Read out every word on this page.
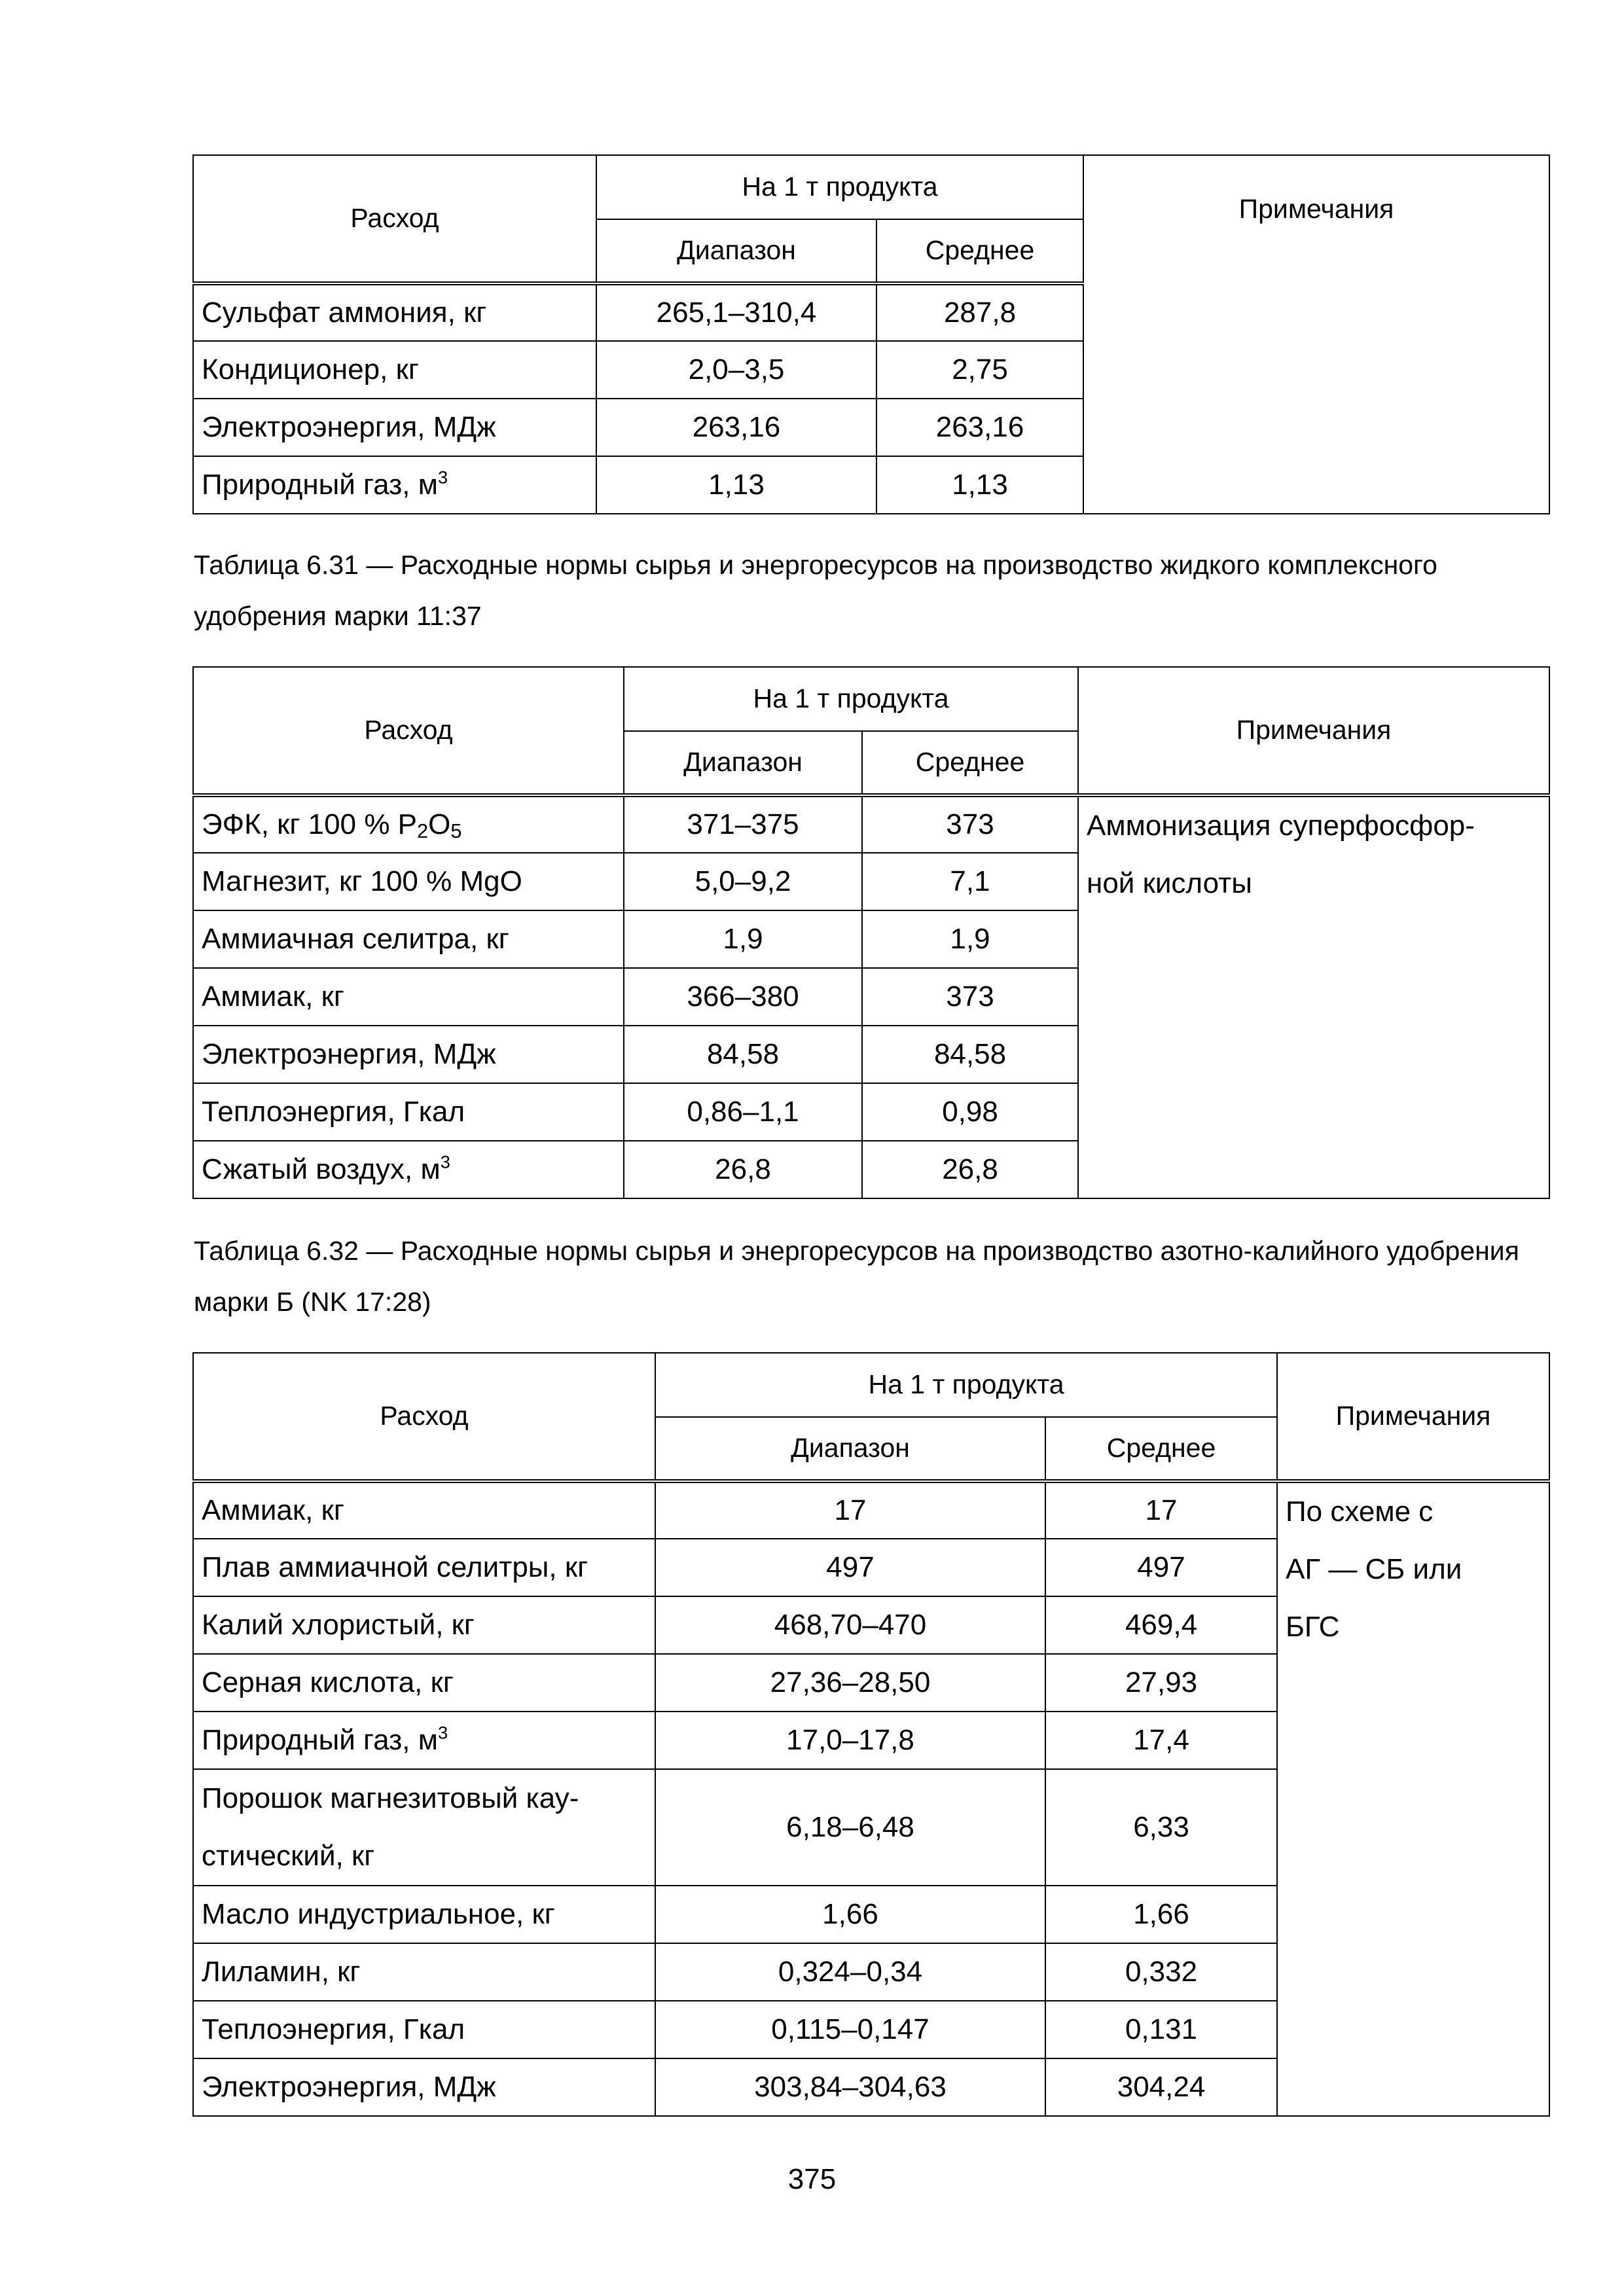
Расход	На 1 т продукта		Примечания
	Диапазон	Среднее	
Сульфат аммония, кг	265,1–310,4	287,8	
Кондиционер, кг	2,0–3,5	2,75	
Электроэнергия, МДж	263,16	263,16	
Природный газ, $м^3$	1,13	1,13	
Таблица 6.31 — Расходные нормы сырья и энергоресурсов на производство жидкого комплексного удобрения марки 11:37
Расход	На 1 т продукта		Примечания
	Диапазон	Среднее	
ЭФК, кг 100 % $P_2O_5$	371–375	373	Аммонизация суперфосфор-
ной кислоты

Магнезит, кг 100 % MgO	5,0–9,2	7,1	
Аммиачная селитра, кг	1,9	1,9	
Аммиак, кг	366–380	373	
Электроэнергия, МДж	84,58	84,58	
Теплоэнергия, Гкал	0,86–1,1	0,98	
Сжатый воздух, $м^3$	26,8	26,8	
Таблица 6.32 — Расходные нормы сырья и энергоресурсов на производство азотно-калийного удобрения марки Б (NK 17:28)
Расход	На 1 т продукта		Примечания
	Диапазон	Среднее	
Аммиак, кг	17	17	По схеме с
АГ — СБ или
БГС

Плав аммиачной селитры, кг	497	497	
Калий хлористый, кг	468,70–470	469,4	
Серная кислота, кг	27,36–28,50	27,93	
Природный газ, $м^3$	17,0–17,8	17,4	

Порошок магнезитовый кау-
стический, кг	6,18–6,48	6,33	
Масло индустриальное, кг	1,66	1,66	
Лиламин, кг	0,324–0,34	0,332	
Теплоэнергия, Гкал	0,115–0,147	0,131	
Электроэнергия, МДж	303,84–304,63	304,24	
375
